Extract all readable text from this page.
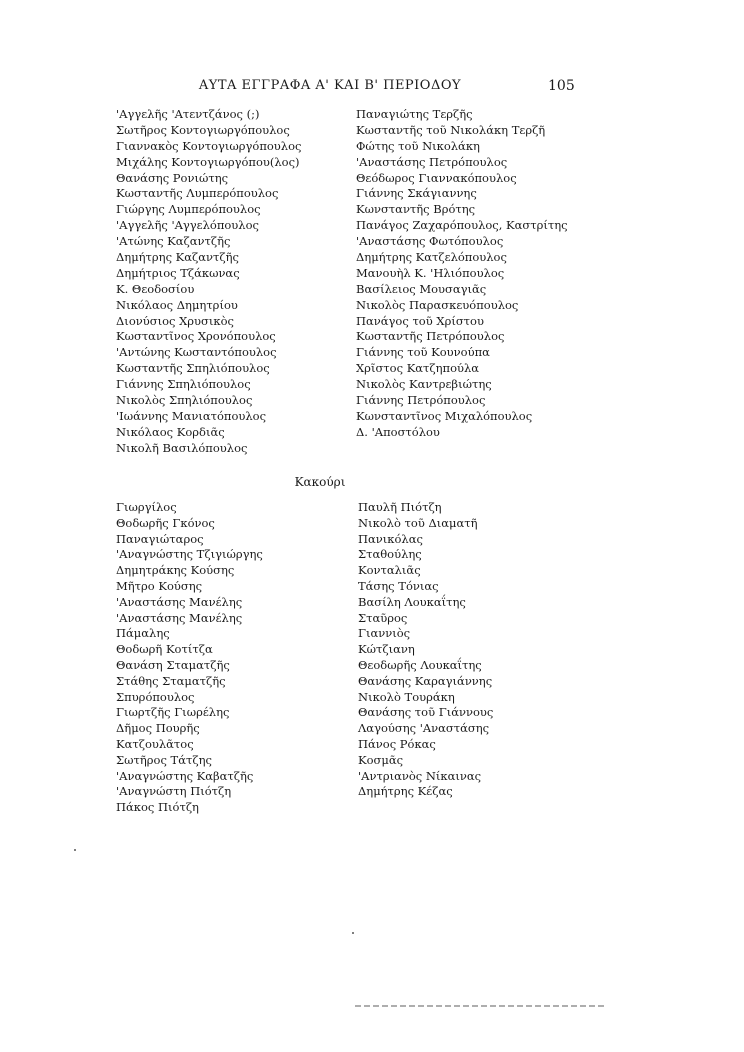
ΑΥΤΑ ΕΓΓΡΑΦΑ Α' ΚΑΙ Β' ΠΕΡΙΟΔΟΥ	105
'Αγγελῆς 'Ατεντζάνος (;)
Σωτῆρος Κοντογιωργόπουλος
Γιαννακὸς Κοντογιωργόπουλος
Μιχάλης Κοντογιωργόπου(λος)
Θανάσης Ρονιώτης
Κωσταντῆς Λυμπερόπουλος
Γιώργης Λυμπερόπουλος
'Αγγελῆς 'Αγγελόπουλος
'Ατώνης Καζαντζῆς
Δημήτρης Καζαντζῆς
Δημήτριος Τζάκωνας
Κ. Θεοδοσίου
Νικόλαος Δημητρίου
Διονύσιος Χρυσικὸς
Κωσταντῖνος Χρονόπουλος
'Αντώνης Κωσταντόπουλος
Κωσταντῆς Σπηλιόπουλος
Γιάννης Σπηλιόπουλος
Νικολὸς Σπηλιόπουλος
'Ιωάννης Μανιατόπουλος
Νικόλαος Κορδιᾶς
Νικολῆ Βασιλόπουλος
Παναγιώτης Τερζῆς
Κωσταντῆς τοῦ Νικολάκη Τερζῆ
Φώτης τοῦ Νικολάκη
'Αναστάσης Πετρόπουλος
Θεόδωρος Γιαννακόπουλος
Γιάννης Σκάγιαννης
Κωνσταντῆς Βρότης
Πανάγος Ζαχαρόπουλος, Καστρίτης
'Αναστάσης Φωτόπουλος
Δημήτρης Κατζελόπουλος
Μανουὴλ Κ. 'Ηλιόπουλος
Βασίλειος Μουσαγιᾶς
Νικολὸς Παρασκευόπουλος
Πανάγος τοῦ Χρίστου
Κωσταντῆς Πετρόπουλος
Γιάννης τοῦ Κουνούπα
Χρῖστος Κατζηπούλα
Νικολὸς Καντρεβιώτης
Γιάννης Πετρόπουλος
Κωνσταντῖνος Μιχαλόπουλος
Δ. 'Αποστόλου
Κακούρι
Γιωργίλος
Θοδωρῆς Γκόνος
Παναγιώταρος
'Αναγνώστης Τζιγιώργης
Δημητράκης Κούσης
Μῆτρο Κούσης
'Αναστάσης Μανέλης
'Αναστάσης Μανέλης
Πάμαλης
Θοδωρῆ Κοτίτζα
Θανάση Σταματζῆς
Στάθης Σταματζῆς
Σπυρόπουλος
Γιωρτζῆς Γιωρέλης
Δῆμος Πουρῆς
Κατζουλᾶτος
Σωτῆρος Τάτζης
'Αναγνώστης Καβατζῆς
'Αναγνώστη Πιότζη
Πάκος Πιότζη
Παυλῆ Πιότζη
Νικολὸ τοῦ Διαματῆ
Πανικόλας
Σταθούλης
Κονταλιᾶς
Τάσης Τόνιας
Βασίλη Λουκαΐτης
Σταῦρος
Γιαννιὸς
Κώτζιανη
Θεοδωρῆς Λουκαΐτης
Θανάσης Καραγιάννης
Νικολὸ Τουράκη
Θανάσης τοῦ Γιάννους
Λαγούσης 'Αναστάσης
Πάνος Ρόκας
Κοσμᾶς
'Αντριανὸς Νίκαινας
Δημήτρης Κέζας
